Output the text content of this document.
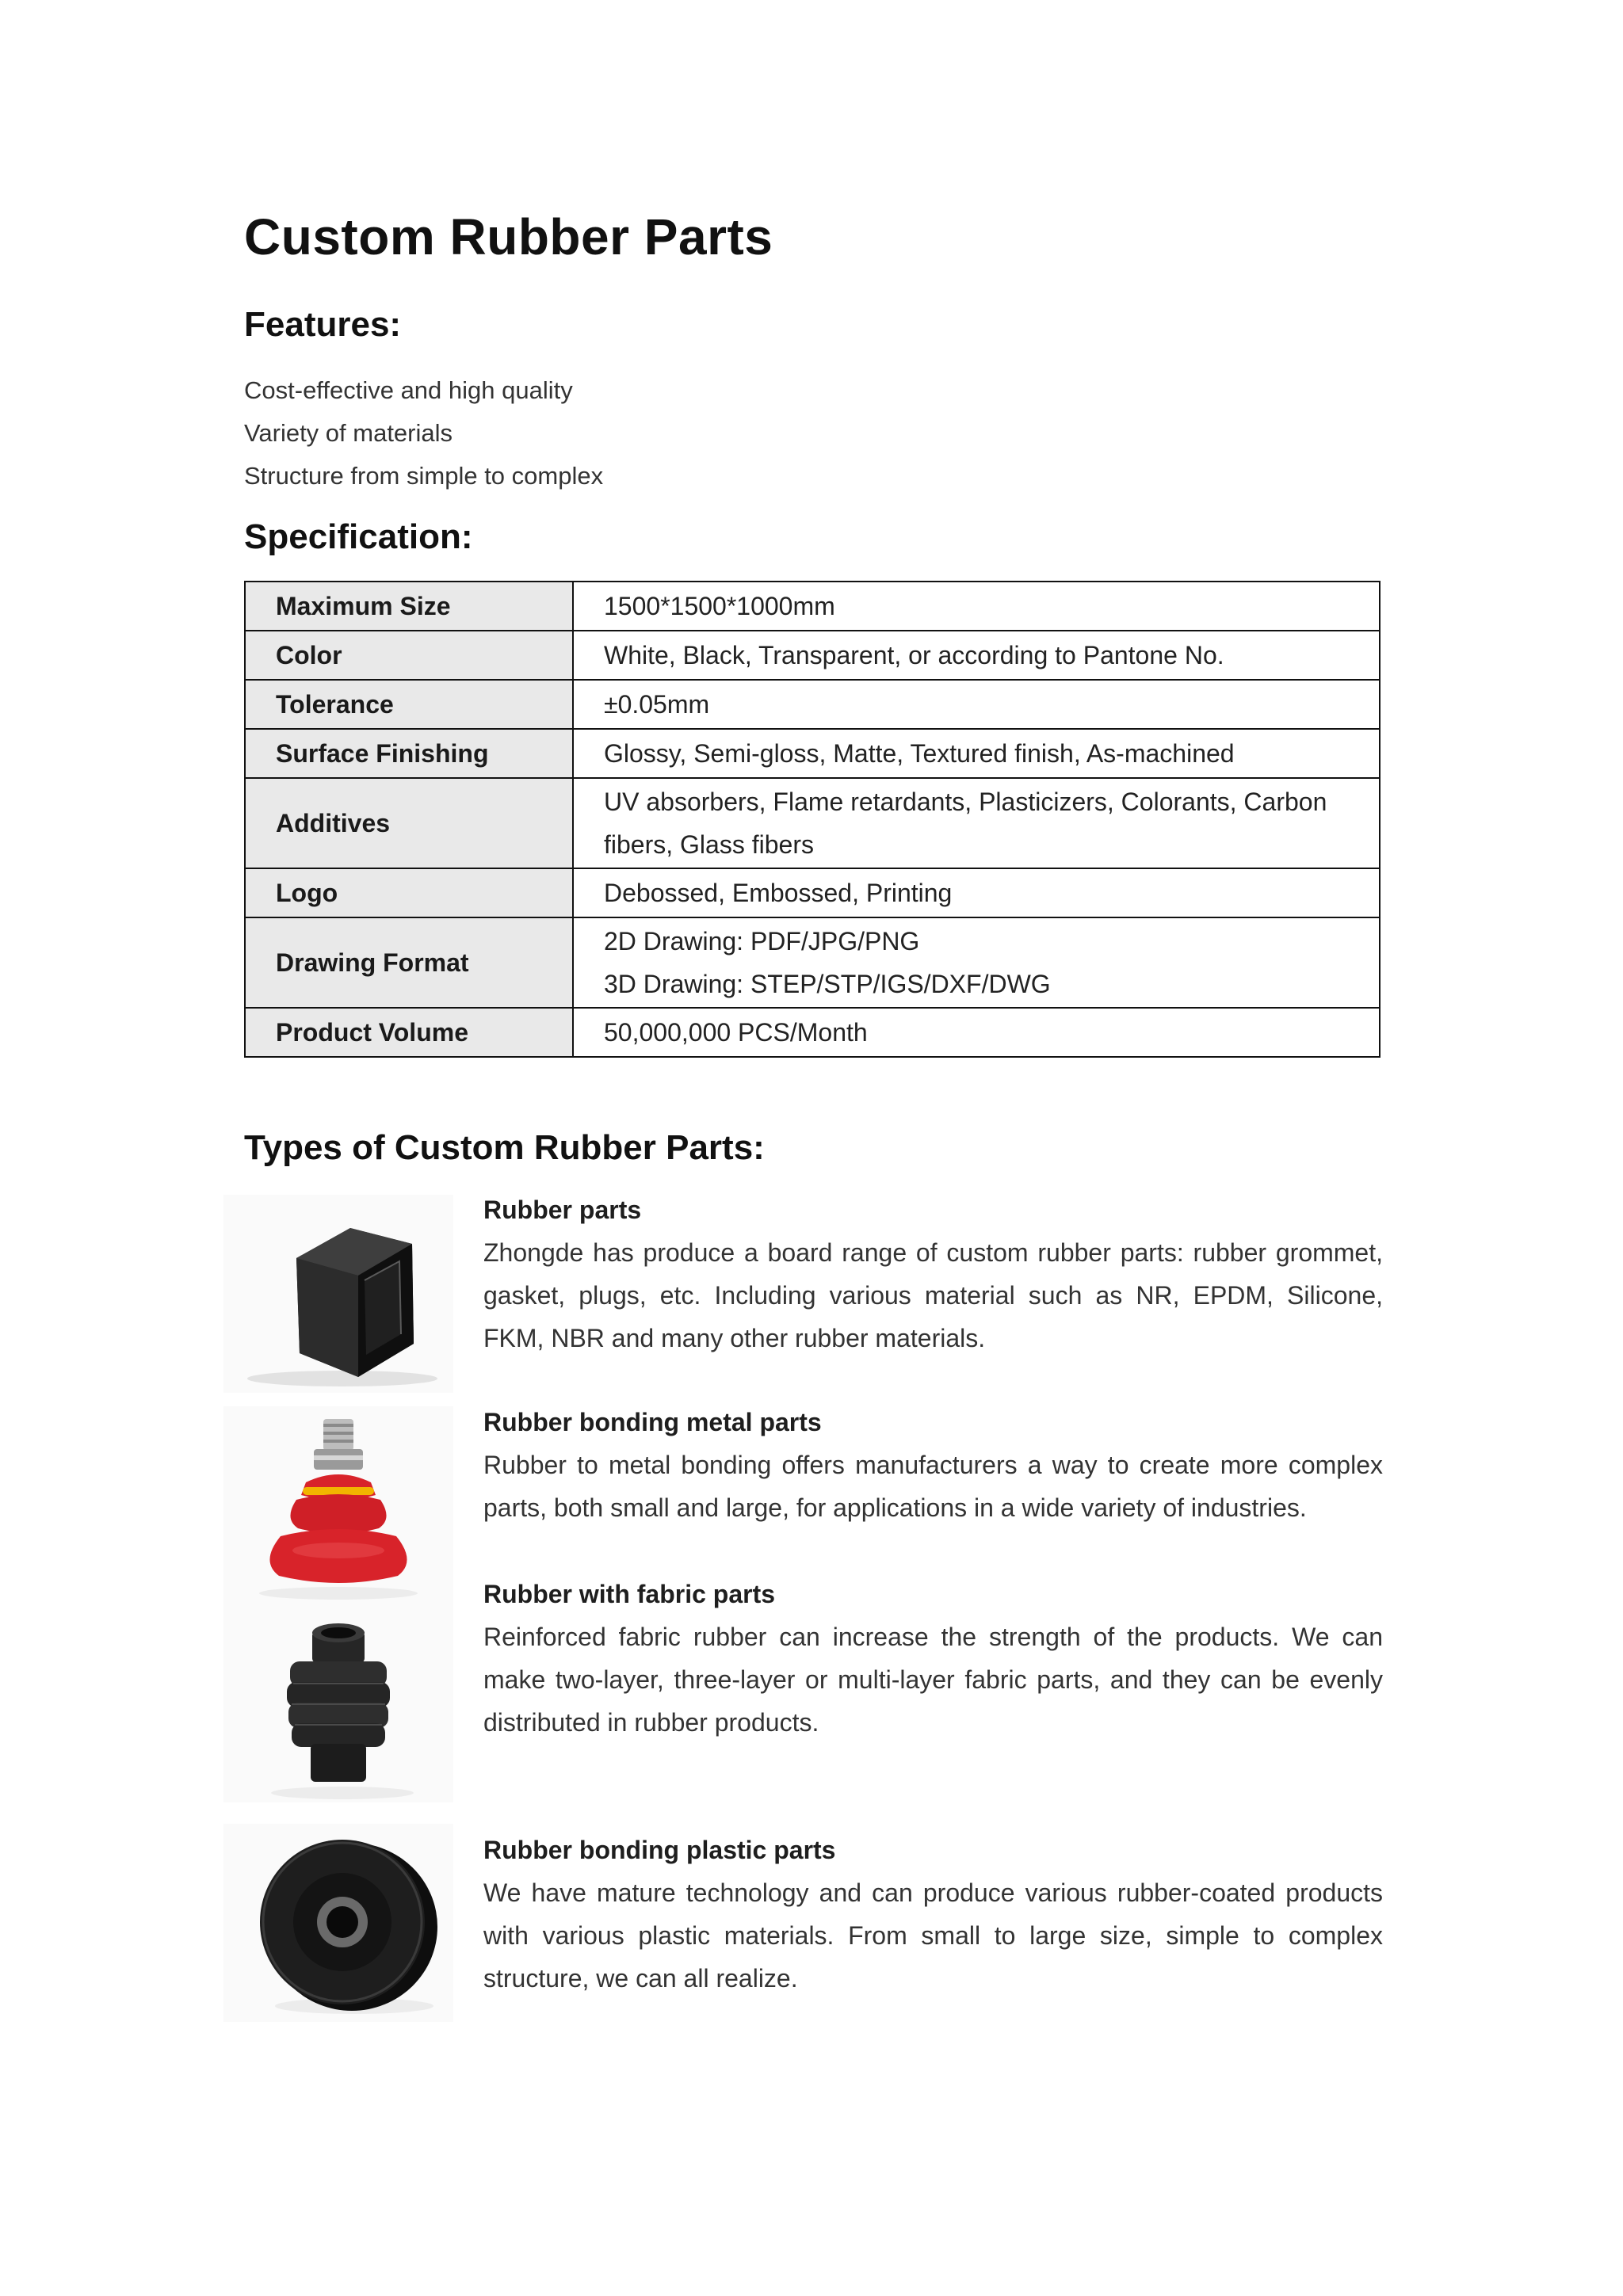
Custom Rubber Parts
Features:
Cost-effective and high quality
Variety of materials
Structure from simple to complex
Specification:
Maximum Size	1500*1500*1000mm
Color	White, Black, Transparent, or according to Pantone No.
Tolerance	±0.05mm
Surface Finishing	Glossy, Semi-gloss, Matte, Textured finish, As-machined
Additives	UV absorbers, Flame retardants, Plasticizers, Colorants, Carbon fibers, Glass fibers
Logo	Debossed, Embossed, Printing
Drawing Format	2D Drawing: PDF/JPG/PNG
3D Drawing: STEP/STP/IGS/DXF/DWG

Product Volume	50,000,000 PCS/Month
Types of Custom Rubber Parts:

Rubber parts

Zhongde has produce a board range of custom rubber parts: rubber grommet, gasket, plugs, etc. Including various material such as NR, EPDM, Silicone, FKM, NBR and many other rubber materials.

Rubber bonding metal parts

Rubber to metal bonding offers manufacturers a way to create more complex parts, both small and large, for applications in a wide variety of industries.

Rubber with fabric parts

Reinforced fabric rubber can increase the strength of the products. We can make two-layer, three-layer or multi-layer fabric parts, and they can be evenly distributed in rubber products.

Rubber bonding plastic parts

We have mature technology and can produce various rubber-coated products with various plastic materials. From small to large size, simple to complex structure, we can all realize.
